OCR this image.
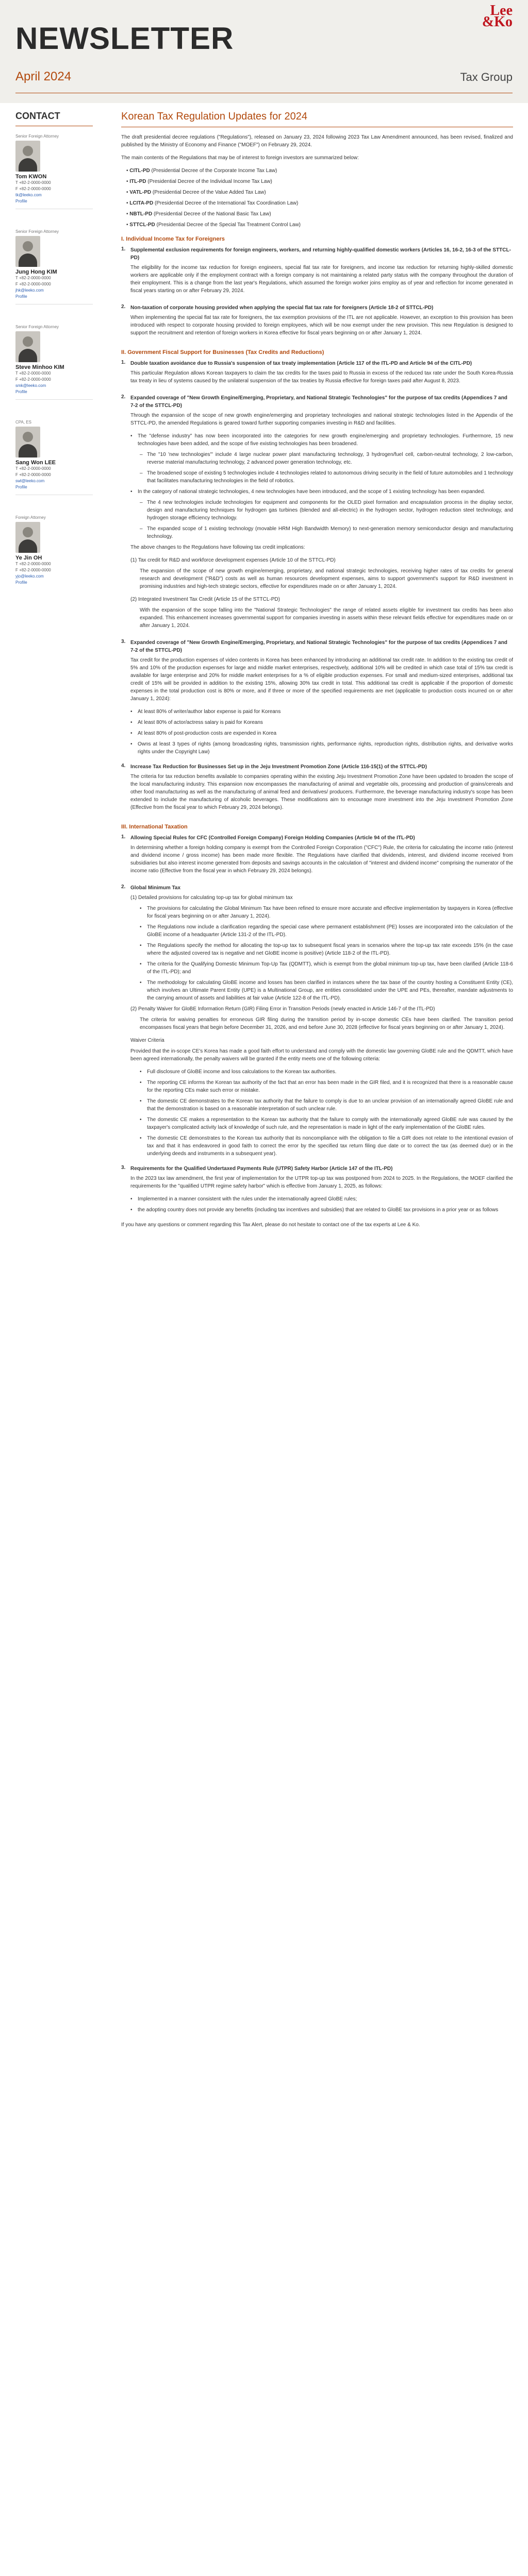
NEWSLETTER
April 2024	Tax Group
Lee
&Ko
CONTACT
Senior Foreign Attorney
Tom KWON
T +82-2-0000-0000
F +82-2-0000-0000
tk@leeko.com
Profile
Senior Foreign Attorney
Jung Hong KIM
T +82-2-0000-0000
F +82-2-0000-0000
jhk@leeko.com
Profile
Senior Foreign Attorney
Steve Minhoo KIM
T +82-2-0000-0000
F +82-2-0000-0000
smk@leeko.com
Profile
CPA, ES
Sang Won LEE
T +82-2-0000-0000
F +82-2-0000-0000
swl@leeko.com
Profile
Foreign Attorney
Ye Jin OH
T +82-2-0000-0000
F +82-2-0000-0000
yjo@leeko.com
Profile
Korean Tax Regulation Updates for 2024

The draft presidential decree regulations ("Regulations"), released on January 23, 2024 following 2023 Tax Law Amendment announced, has been revised, finalized and published by the Ministry of Economy and Finance ("MOEF") on February 29, 2024.

The main contents of the Regulations that may be of interest to foreign investors are summarized below:

• CITL-PD (Presidential Decree of the Corporate Income Tax Law)
• ITL-PD (Presidential Decree of the Individual Income Tax Law)
• VATL-PD (Presidential Decree of the Value Added Tax Law)
• LCITA-PD (Presidential Decree of the International Tax Coordination Law)
• NBTL-PD (Presidential Decree of the National Basic Tax Law)
• STTCL-PD (Presidential Decree of the Special Tax Treatment Control Law)
I. Individual Income Tax for Foreigners
1. Supplemental exclusion requirements for foreign engineers, workers, and returning highly-qualified domestic workers (Articles 16, 16-2, 16-3 of the STTCL-PD)

The eligibility for the income tax reduction for foreign engineers, special flat tax rate for foreigners, and income tax reduction for returning highly-skilled domestic workers are applicable only if the employment contract with a foreign company is not maintaining a related party status with the company throughout the duration of their employment. This is a change from the last year's Regulations, which assumed the foreign worker joins employ as of year and reflection for income generated in fiscal years starting on or after February 29, 2024.

2. Non-taxation of corporate housing provided when applying the special flat tax rate for foreigners (Article 18-2 of STTCL-PD)

When implementing the special flat tax rate for foreigners, the tax exemption provisions of the ITL are not applicable. However, an exception to this provision has been introduced with respect to corporate housing provided to foreign employees, which will be now exempt under the new provision. This new Regulation is designed to support the recruitment and retention of foreign workers in Korea effective for fiscal years beginning on or after January 1, 2024.

II. Government Fiscal Support for Businesses (Tax Credits and Reductions)
1. Double taxation avoidance due to Russia's suspension of tax treaty implementation (Article 117 of the ITL-PD and Article 94 of the CITL-PD)

This particular Regulation allows Korean taxpayers to claim the tax credits for the taxes paid to Russia in excess of the reduced tax rate under the South Korea-Russia tax treaty in lieu of systems caused by the unilateral suspension of the tax treaties by Russia effective for foreign taxes paid after August 8, 2023.

2. Expanded coverage of "New Growth Engine/Emerging, Proprietary, and National Strategic Technologies" for the purpose of tax credits (Appendices 7 and 7-2 of the STTCL-PD)

Through the expansion of the scope of new growth engine/emerging and proprietary technologies and national strategic technologies listed in the Appendix of the STTCL-PD, the amended Regulations is geared toward further supporting companies investing in R&D and facilities.

•	The "defense industry" has now been incorporated into the categories for new growth engine/emerging and proprietary technologies. Furthermore, 15 new technologies have been added, and the scope of five existing technologies has been broadened.
– The "10 'new technologies'" include 4 large nuclear power plant manufacturing technology, 3 hydrogen/fuel cell, carbon-neutral technology, 2 low-carbon, reverse material manufacturing technology, 2 advanced power generation technology, etc.
– The broadened scope of existing 5 technologies include 4 technologies related to autonomous driving security in the field of future automobiles and 1 technology that facilitates manufacturing technologies in the field of robotics.
•	In the category of national strategic technologies, 4 new technologies have been introduced, and the scope of 1 existing technology has been expanded.
– The 4 new technologies include technologies for equipment and components for the OLED pixel formation and encapsulation process in the display sector, design and manufacturing techniques for hydrogen gas turbines (blended and all-electric) in the hydrogen sector, hydrogen reduction steel technology, and hydrogen storage efficiency technology.
– The expanded scope of 1 existing technology (movable HRM High Bandwidth Memory) to next-generation memory semiconductor design and manufacturing technology.

The above changes to the Regulations have following tax credit implications:

(1) Tax credit for R&D and workforce development expenses (Article 10 of the STTCL-PD)

The expansion of the scope of new growth engine/emerging, proprietary, and national strategic technologies, receiving higher rates of tax credits for general research and development ("R&D") costs as well as human resources development expenses, aims to support government's support for R&D investment in promising industries and high-tech strategic sectors, effective for expenditures made on or after January 1, 2024.

(2) Integrated Investment Tax Credit (Article 15 of the STTCL-PD)

With the expansion of the scope falling into the "National Strategic Technologies" the range of related assets eligible for investment tax credits has been also expanded. This enhancement increases governmental support for companies investing in assets within these relevant fields effective for expenditures made on or after January 1, 2024.

3. Expanded coverage of "New Growth Engine/Emerging, Proprietary, and National Strategic Technologies" for the purpose of tax credits (Appendices 7 and 7-2 of the STTCL-PD)

Tax credit for the production expenses of video contents in Korea has been enhanced by introducing an additional tax credit rate. In addition to the existing tax credit of 5% and 10% of the production expenses for large and middle market enterprises, respectively, additional 10% will be credited in which case total of 15% tax credit is available for large enterprise and 20% for middle market enterprises for a % of eligible production expenses. For small and medium-sized enterprises, additional tax credit of 15% will be provided in addition to the existing 15%, allowing 30% tax credit in total. This additional tax credit is applicable if the proportion of domestic expenses in the total production cost is 80% or more, and if three or more of the specified requirements are met (applicable to production costs incurred on or after January 1, 2024):

•	At least 80% of writer/author labor expense is paid for Koreans
•	At least 80% of actor/actress salary is paid for Koreans
•	At least 80% of post-production costs are expended in Korea
•	Owns at least 3 types of rights (among broadcasting rights, transmission rights, performance rights, reproduction rights, distribution rights, and derivative works rights under the Copyright Law)
4. Increase Tax Reduction for Businesses Set up in the Jeju Investment Promotion Zone (Article 116-15(1) of the STTCL-PD)

The criteria for tax reduction benefits available to companies operating within the existing Jeju Investment Promotion Zone have been updated to broaden the scope of the local manufacturing industry. This expansion now encompasses the manufacturing of animal and vegetable oils, processing and production of grains/cereals and other food manufacturing as well as the manufacturing of animal feed and derivatives/ producers. Furthermore, the beverage manufacturing industry's scope has been extended to include the manufacturing of alcoholic beverages. These modifications aim to encourage more investment into the Jeju Investment Promotion Zone (Effective from the fiscal year to which February 29, 2024 belongs).

III. International Taxation
1. Allowing Special Rules for CFC (Controlled Foreign Company) Foreign Holding Companies (Article 94 of the ITL-PD)

In determining whether a foreign holding company is exempt from the Controlled Foreign Corporation ("CFC") Rule, the criteria for calculating the income ratio (interest and dividend income / gross income) has been made more flexible. The Regulations have clarified that dividends, interest, and dividend income received from subsidiaries but also interest income generated from deposits and savings accounts in the calculation of "interest and dividend income" comprising the numerator of the income ratio (Effective from the fiscal year in which February 29, 2024 belongs).

2. Global Minimum Tax
(1) Detailed provisions for calculating top-up tax for global minimum tax
•	The provisions for calculating the Global Minimum Tax have been refined to ensure more accurate and effective implementation by taxpayers in Korea (effective for fiscal years beginning on or after January 1, 2024).
•	The Regulations now include a clarification regarding the special case where permanent establishment (PE) losses are incorporated into the calculation of the GloBE income of a headquarter (Article 131-2 of the ITL-PD).
•	The Regulations specify the method for allocating the top-up tax to subsequent fiscal years in scenarios where the top-up tax rate exceeds 15% (in the case where the adjusted covered tax is negative and net GloBE income is positive) (Article 118-2 of the ITL-PD).
•	The criteria for the Qualifying Domestic Minimum Top-Up Tax (QDMTT), which is exempt from the global minimum top-up tax, have been clarified (Article 118-6 of the ITL-PD); and
•	The methodology for calculating GloBE income and losses has been clarified in instances where the tax base of the country hosting a Constituent Entity (CE), which involves an Ultimate Parent Entity (UPE) is a Multinational Group, are entities consolidated under the UPE and PEs, thereafter, mandate adjustments to the carrying amount of assets and liabilities at fair value (Article 122-8 of the ITL-PD).
(2) Penalty Waiver for GloBE Information Return (GIR) Filing Error in Transition Periods (newly enacted in Article 146-7 of the ITL-PD)

The criteria for waiving penalties for erroneous GIR filing during the transition period by in-scope domestic CEs have been clarified. The transition period encompasses fiscal years that begin before December 31, 2026, and end before June 30, 2028 (effective for fiscal years beginning on or after January 1, 2024).

Waiver Criteria

Provided that the in-scope CE's Korea has made a good faith effort to understand and comply with the domestic law governing GloBE rule and the QDMTT, which have been agreed internationally, the penalty waivers will be granted if the entity meets one of the following criteria:

•	Full disclosure of GloBE income and loss calculations to the Korean tax authorities.
•	The reporting CE informs the Korean tax authority of the fact that an error has been made in the GIR filed, and it is recognized that there is a reasonable cause for the reporting CEs make such error or mistake.
•	The domestic CE demonstrates to the Korean tax authority that the failure to comply is due to an unclear provision of an internationally agreed GloBE rule and that the demonstration is based on a reasonable interpretation of such unclear rule.
•	The domestic CE makes a representation to the Korean tax authority that the failure to comply with the internationally agreed GloBE rule was caused by the taxpayer's complicated activity lack of knowledge of such rule, and the representation is made in light of the early implementation of the GloBE rules.
•	The domestic CE demonstrates to the Korean tax authority that its noncompliance with the obligation to file a GIR does not relate to the intentional evasion of tax and that it has endeavored in good faith to correct the error by the specified tax return filing due date or to correct the tax (as deemed due) or in the underlying deeds and instruments in a subsequent year).
3. Requirements for the Qualified Undertaxed Payments Rule (UTPR) Safety Harbor (Article 147 of the ITL-PD)

In the 2023 tax law amendment, the first year of implementation for the UTPR top-up tax was postponed from 2024 to 2025. In the Regulations, the MOEF clarified the requirements for the "qualified UTPR regime safety harbor" which is effective from January 1, 2025, as follows:

•	Implemented in a manner consistent with the rules under the internationally agreed GloBE rules;
•	the adopting country does not provide any benefits (including tax incentives and subsidies) that are related to GloBE tax provisions in a prior year or as follows

If you have any questions or comment regarding this Tax Alert, please do not hesitate to contact one of the tax experts at Lee & Ko.
